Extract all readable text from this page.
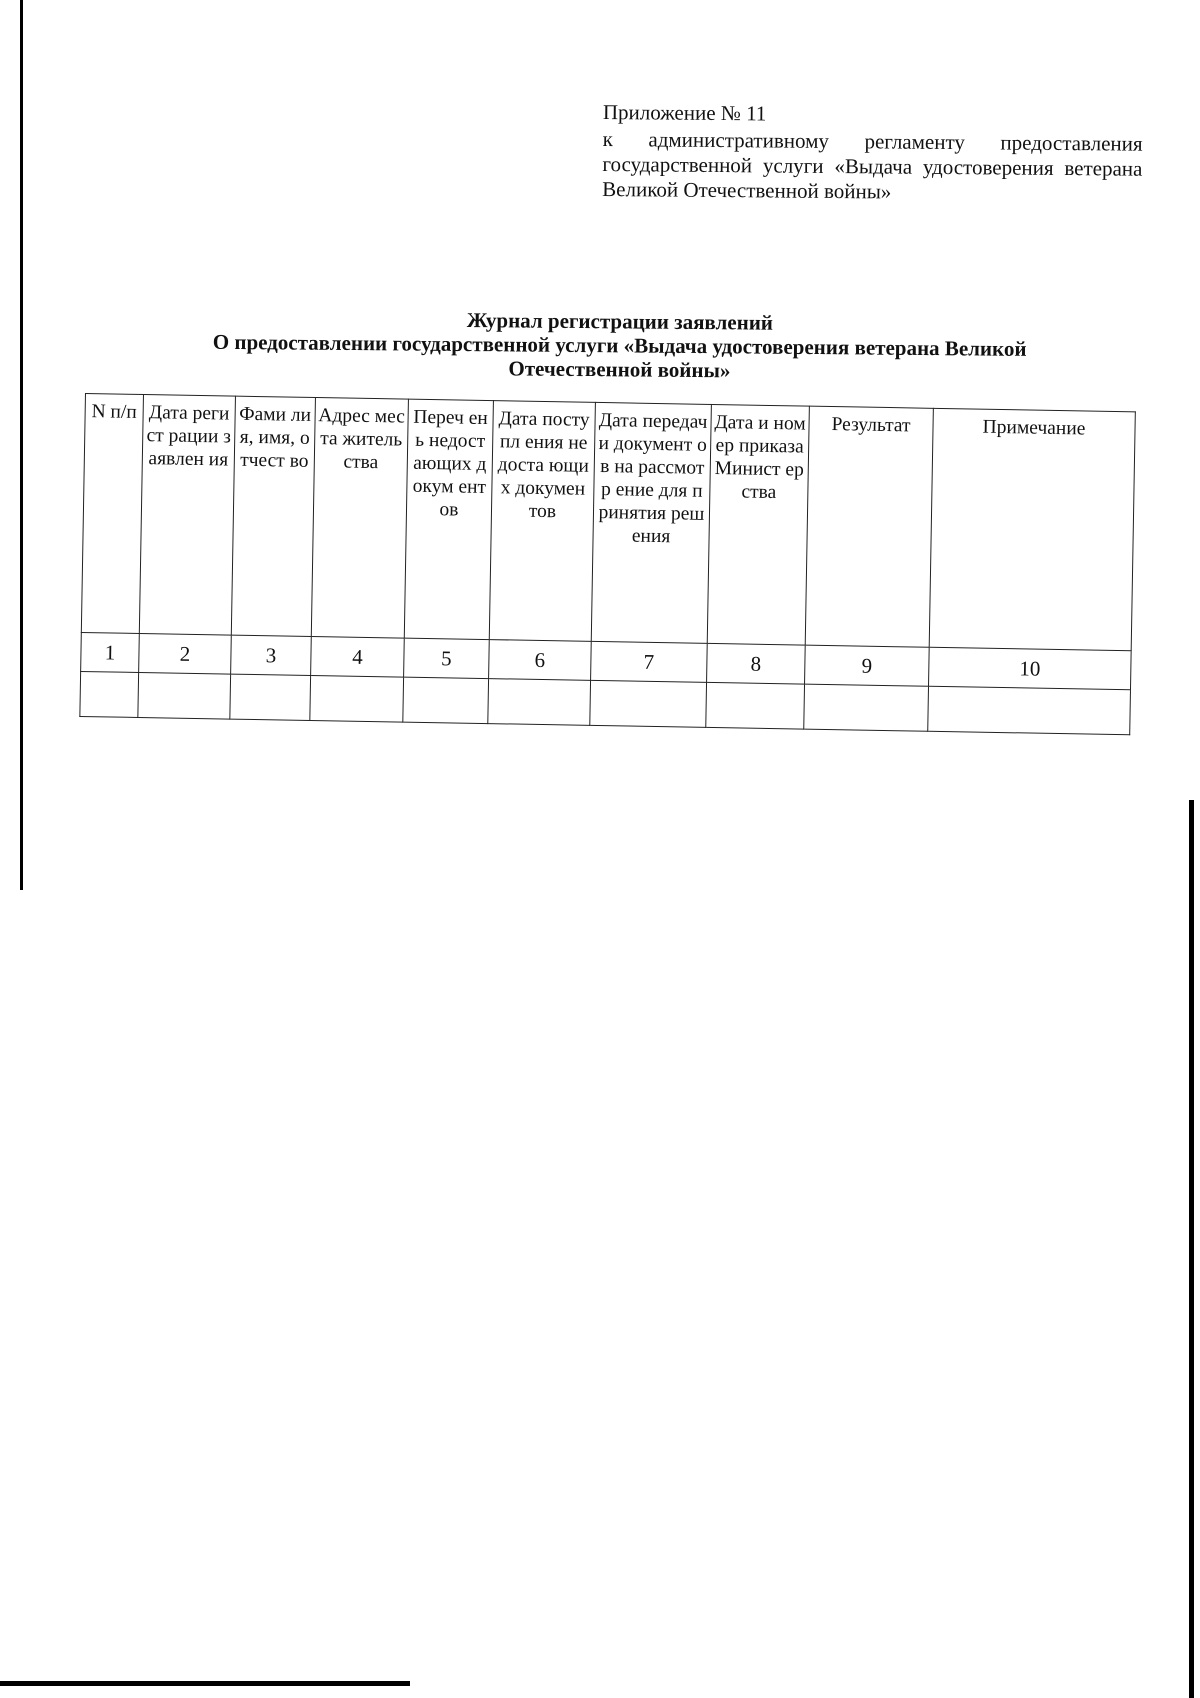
Приложение № 11
к административному регламенту предоставления государственной услуги «Выдача удостоверения ветерана Великой Отечественной войны»
Журнал регистрации заявлений
О предоставлении государственной услуги «Выдача удостоверения ветерана Великой
Отечественной войны»
N п/п	Дата регист рации заявлен ия	Фами лия, имя, отчест во	Адрес места житель ства	Переч ень недост ающих докум ентов	Дата поступл ения недоста ющих докумен тов	Дата передачи документ ов на рассмотр ение для принятия решения	Дата и номер приказа Минист ерства	Результат	Примечание
1	2	3	4	5	6	7	8	9	10
